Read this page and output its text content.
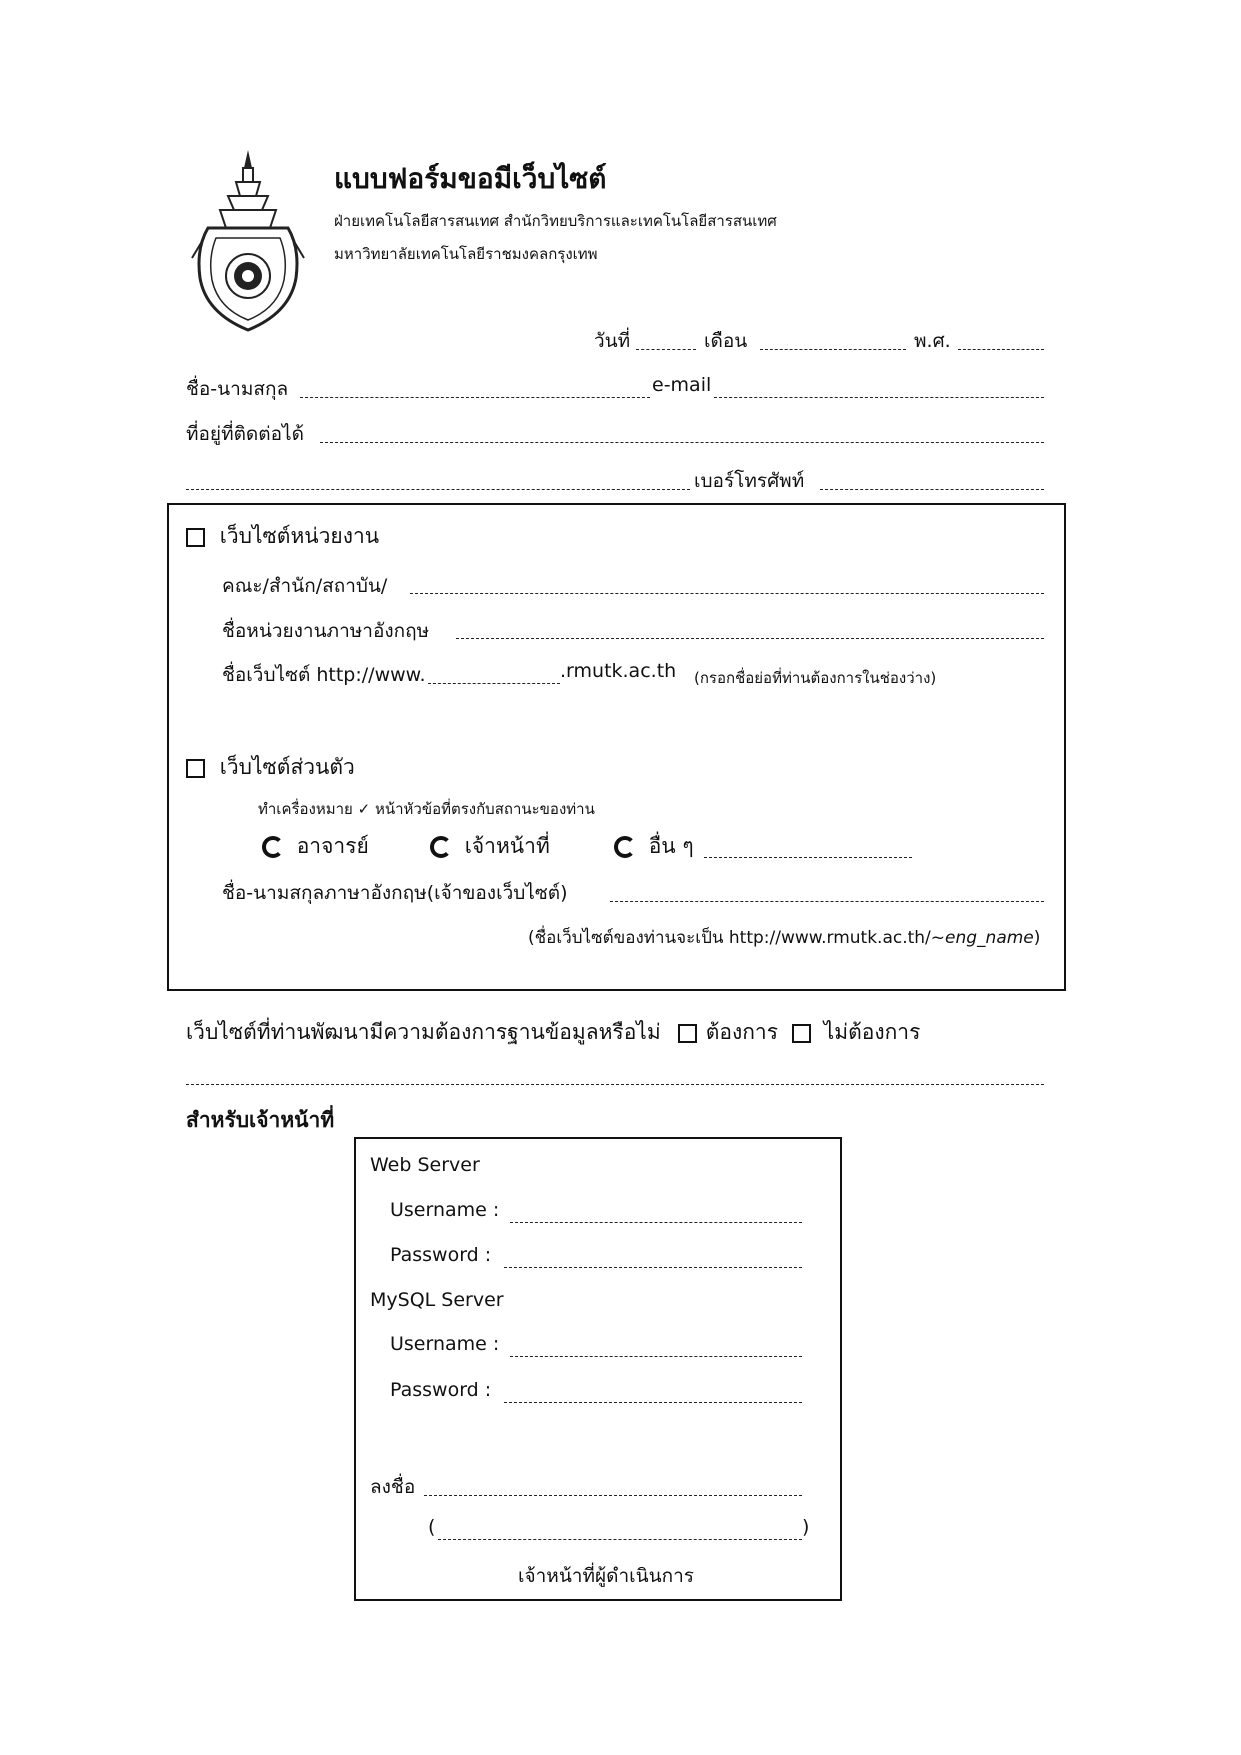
แบบฟอร์มขอมีเว็บไซต์
ฝ่ายเทคโนโลยีสารสนเทศ สำนักวิทยบริการและเทคโนโลยีสารสนเทศ
มหาวิทยาลัยเทคโนโลยีราชมงคลกรุงเทพ
วันที่	เดือน	พ.ศ.
ชื่อ-นามสกุล	e-mail
ที่อยู่ที่ติดต่อได้
เบอร์โทรศัพท์
เว็บไซต์หน่วยงาน
คณะ/สำนัก/สถาบัน/
ชื่อหน่วยงานภาษาอังกฤษ
ชื่อเว็บไซต์ http://www.	.rmutk.ac.th (กรอกชื่อย่อที่ท่านต้องการในช่องว่าง)
เว็บไซต์ส่วนตัว
ทำเครื่องหมาย ✓ หน้าหัวข้อที่ตรงกับสถานะของท่าน
อาจารย์	เจ้าหน้าที่	อื่น ๆ
ชื่อ-นามสกุลภาษาอังกฤษ(เจ้าของเว็บไซต์)
(ชื่อเว็บไซต์ของท่านจะเป็น http://www.rmutk.ac.th/~eng_name)
เว็บไซต์ที่ท่านพัฒนามีความต้องการฐานข้อมูลหรือไม่	ต้องการ	ไม่ต้องการ
สำหรับเจ้าหน้าที่
Web Server
Username :
Password :
MySQL Server
Username :
Password :
ลงชื่อ
(	)
เจ้าหน้าที่ผู้ดำเนินการ
